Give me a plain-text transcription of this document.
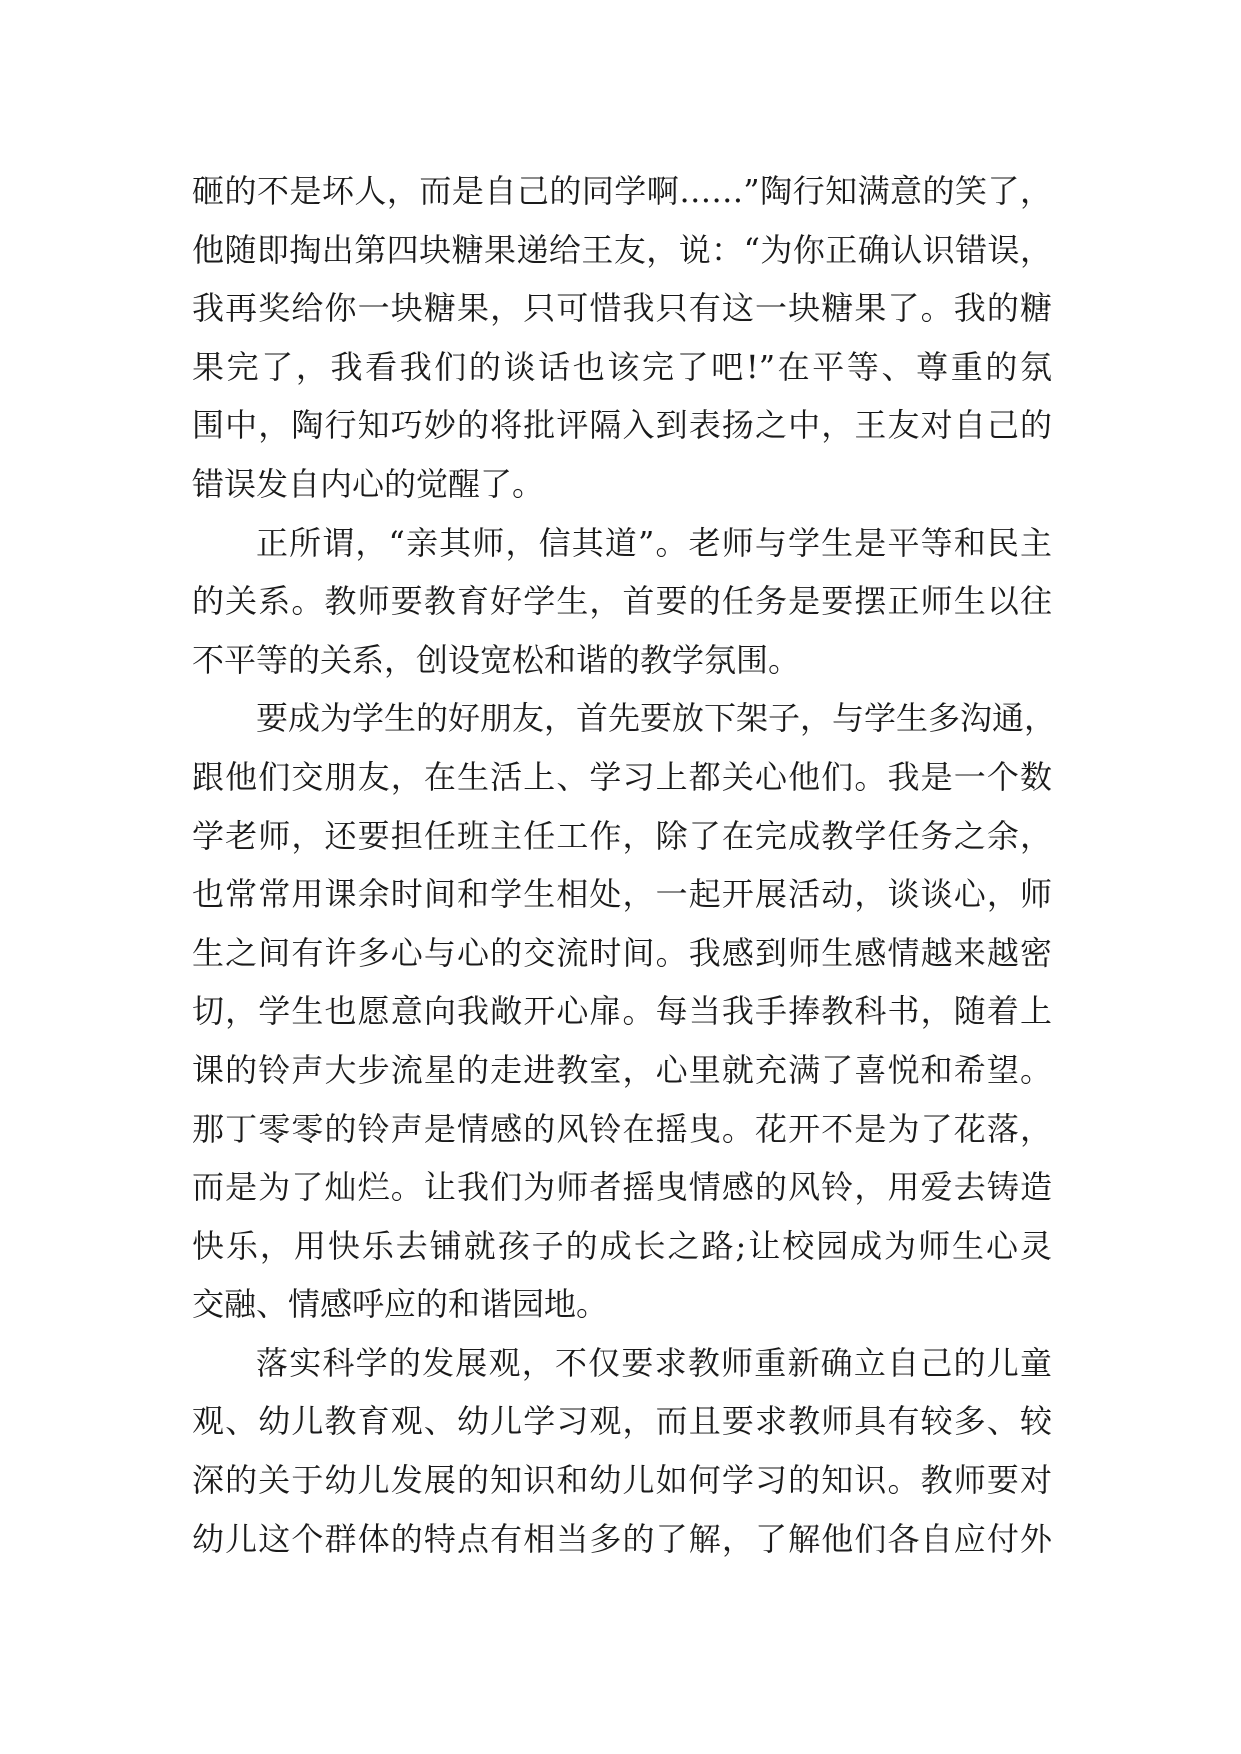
砸的不是坏人，而是自己的同学啊……”陶行知满意的笑了，
他随即掏出第四块糖果递给王友，说：“为你正确认识错误，
我再奖给你一块糖果，只可惜我只有这一块糖果了。我的糖
果完了，我看我们的谈话也该完了吧!”在平等、尊重的氛
围中，陶行知巧妙的将批评隔入到表扬之中，王友对自己的
错误发自内心的觉醒了。
正所谓，“亲其师，信其道”。老师与学生是平等和民主
的关系。教师要教育好学生，首要的任务是要摆正师生以往
不平等的关系，创设宽松和谐的教学氛围。
要成为学生的好朋友，首先要放下架子，与学生多沟通，
跟他们交朋友，在生活上、学习上都关心他们。我是一个数
学老师，还要担任班主任工作，除了在完成教学任务之余，
也常常用课余时间和学生相处，一起开展活动，谈谈心，师
生之间有许多心与心的交流时间。我感到师生感情越来越密
切，学生也愿意向我敞开心扉。每当我手捧教科书，随着上
课的铃声大步流星的走进教室，心里就充满了喜悦和希望。
那丁零零的铃声是情感的风铃在摇曳。花开不是为了花落，
而是为了灿烂。让我们为师者摇曳情感的风铃，用爱去铸造
快乐，用快乐去铺就孩子的成长之路;让校园成为师生心灵
交融、情感呼应的和谐园地。
落实科学的发展观，不仅要求教师重新确立自己的儿童
观、幼儿教育观、幼儿学习观，而且要求教师具有较多、较
深的关于幼儿发展的知识和幼儿如何学习的知识。教师要对
幼儿这个群体的特点有相当多的了解，了解他们各自应付外
